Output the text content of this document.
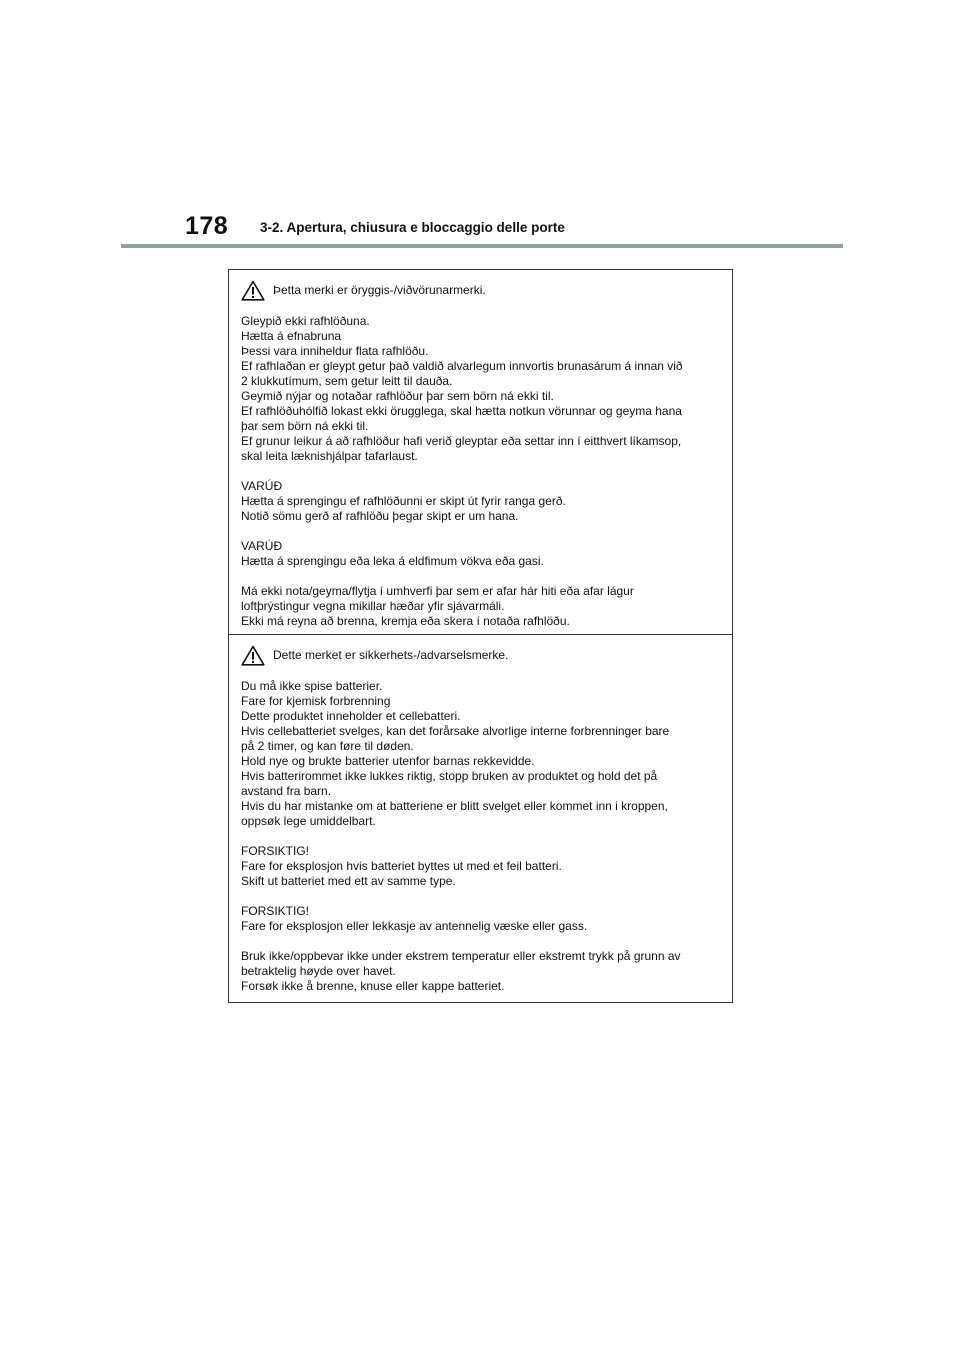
178 3-2. Apertura, chiusura e bloccaggio delle porte
Þetta merki er öryggis-/viðvörunarmerki.
Gleypið ekki rafhlöðuna.
Hætta á efnabruna
Þessi vara inniheldur flata rafhlöðu.
Ef rafhlaðan er gleypt getur það valdið alvarlegum innvortis brunasárum á innan við
2 klukkutímum, sem getur leitt til dauða.
Geymið nýjar og notaðar rafhlöður þar sem börn ná ekki til.
Ef rafhlöðuhólfið lokast ekki örugglega, skal hætta notkun vörunnar og geyma hana
þar sem börn ná ekki til.
Ef grunur leikur á að rafhlöður hafi verið gleyptar eða settar inn í eitthvert líkamsop,
skal leita læknishjálpar tafarlaust.
VARÚÐ
Hætta á sprengingu ef rafhlöðunni er skipt út fyrir ranga gerð.
Notið sömu gerð af rafhlöðu þegar skipt er um hana.
VARÚÐ
Hætta á sprengingu eða leka á eldfimum vökva eða gasi.
Má ekki nota/geyma/flytja í umhverfi þar sem er afar hár hiti eða afar lágur
loftþrýstingur vegna mikillar hæðar yfir sjávarmáli.
Ekki má reyna að brenna, kremja eða skera í notaða rafhlöðu.
Dette merket er sikkerhets-/advarselsmerke.
Du må ikke spise batterier.
Fare for kjemisk forbrenning
Dette produktet inneholder et cellebatteri.
Hvis cellebatteriet svelges, kan det forårsake alvorlige interne forbrenninger bare
på 2 timer, og kan føre til døden.
Hold nye og brukte batterier utenfor barnas rekkevidde.
Hvis batterirommet ikke lukkes riktig, stopp bruken av produktet og hold det på
avstand fra barn.
Hvis du har mistanke om at batteriene er blitt svelget eller kommet inn i kroppen,
oppsøk lege umiddelbart.
FORSIKTIG!
Fare for eksplosjon hvis batteriet byttes ut med et feil batteri.
Skift ut batteriet med ett av samme type.
FORSIKTIG!
Fare for eksplosjon eller lekkasje av antennelig væske eller gass.
Bruk ikke/oppbevar ikke under ekstrem temperatur eller ekstremt trykk på grunn av
betraktelig høyde over havet.
Forsøk ikke å brenne, knuse eller kappe batteriet.
